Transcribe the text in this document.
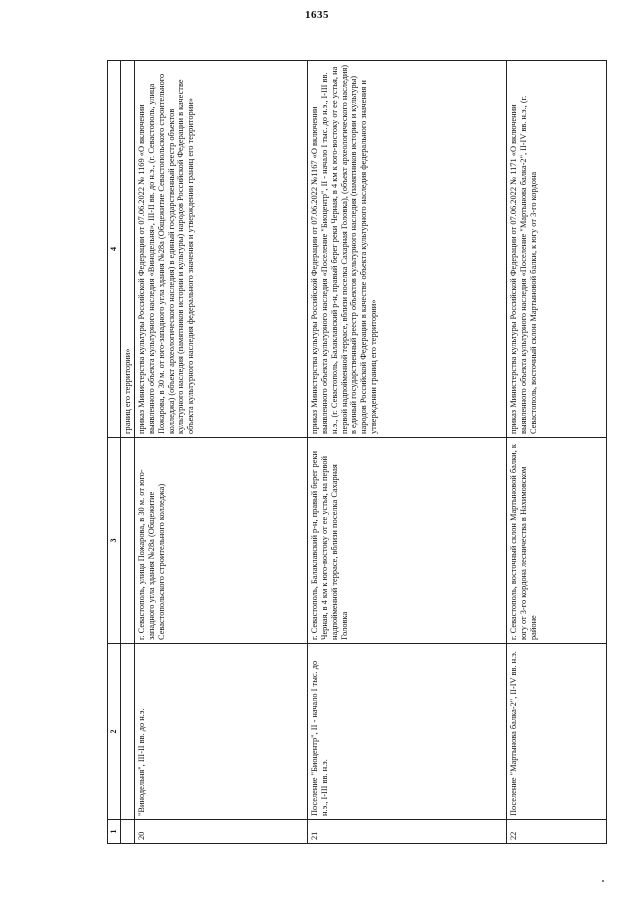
1635
1	2	3	4
			границ его территории»
20	"Винодельня", III-II вв. до н.э.	г. Севастополь, улица Пожарова, в 30 м. от юго-западного угла здания №28а (Общежитие Севастопольского строительного колледжа)	приказ Министерства культуры Российской Федерации от 07.06.2022 № 1169 «О включении выявленного объекта культурного наследия «Винодельня», III-II вв. до н.э., (г. Севастополь, улица Пожарова, в 30 м. от юго-западного угла здания №28а (Общежитие Севастопольского строительного колледжа) (объект археологического наследия) в единый государственный реестр объектов культурного наследия (памятников истории и культуры) народов Российской Федерации в качестве объекта культурного наследия федерального значения и утверждении границ его территории»
21	Поселение "Биоцентр", II - начало I тыс. до н.э., I-III вв. н.э.	г. Севастополь, Балаклавский р-н, правый берег реки Черная, в 4 км к юго-востоку от ее устья, на первой надпойменной террасе, вблизи поселка Сахарная Головка	приказ Министерства культуры Российской Федерации от 07.06.2022 №1167 «О включении выявленного объекта культурного наследия «Поселение "Биоцентр", II - начало I тыс. до н.э., I-III вв. н.э., (г. Севастополь, Балаклавский р-н, правый берег реки Черная, в 4 км к юго-востоку от ее устья, на первой надпойменной террасе, вблизи поселка Сахарная Головка), (объект археологического наследия) в единый государственный реестр объектов культурного наследия (памятников истории и культуры) народов Российской Федерации в качестве объекта культурного наследия федерального значения и утверждении границ его территории»
22	Поселение "Мартынова балка-2", II-IV вв. н.э.	г. Севастополь, восточный склон Мартыновой балки, к югу от 3-го кордона лесничества в Нахимовском районе	приказ Министерства культуры Российской Федерации от 07.06.2022 № 1171 «О включении выявленного объекта культурного наследия «Поселение "Мартынова балка-2", II-IV вв. н.э., (г. Севастополь, восточный склон Мартыновой балки, к югу от 3-го кордона
